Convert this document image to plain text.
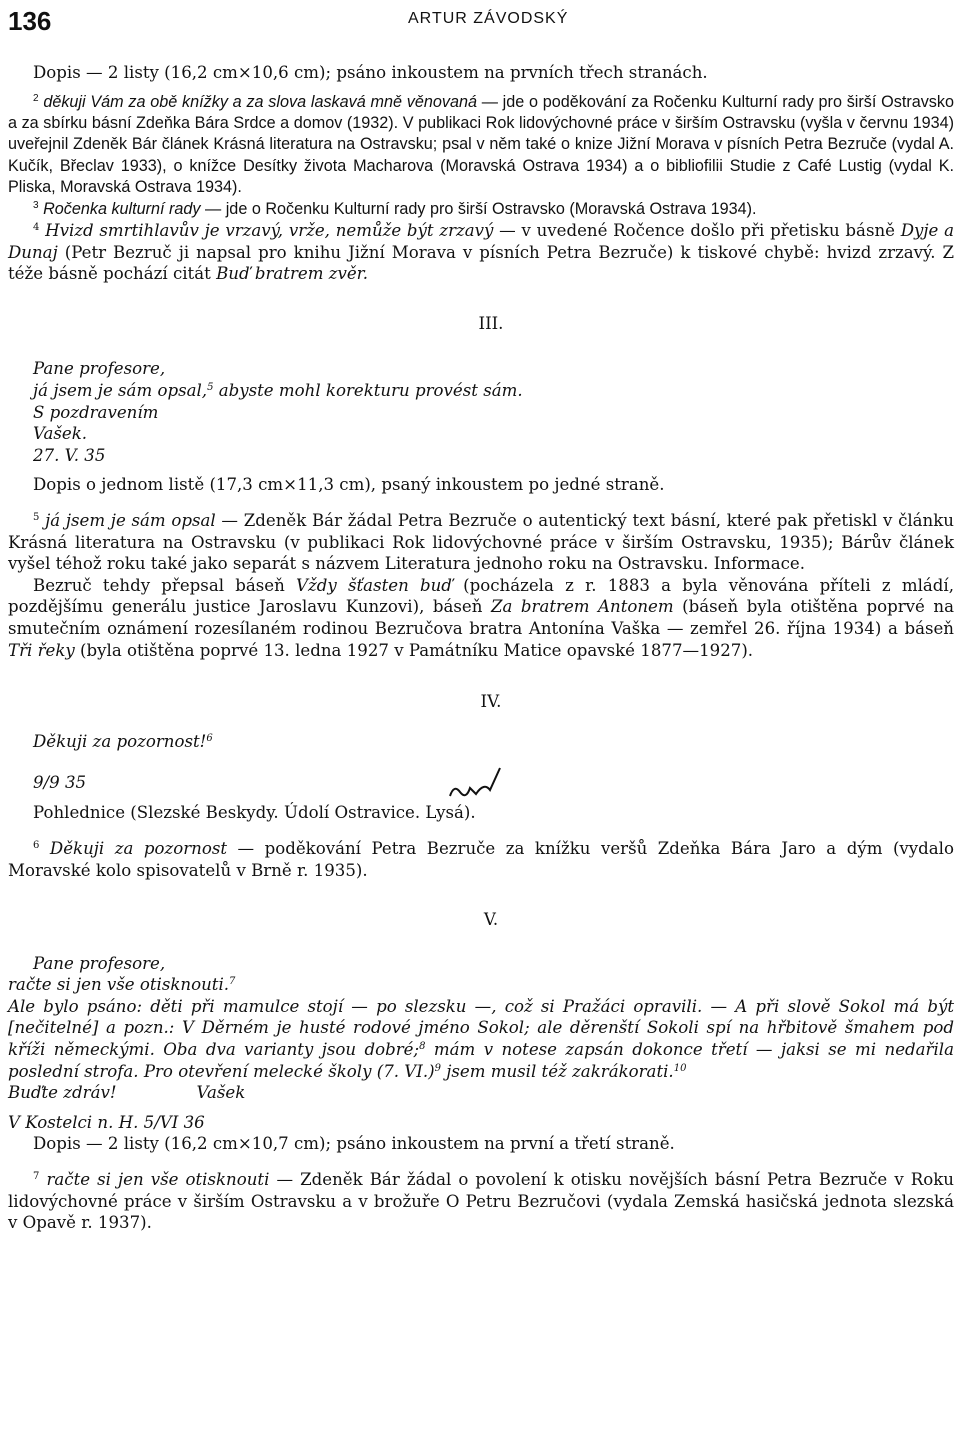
136	ARTUR ZÁVODSKÝ

Dopis — 2 listy (16,2 cm×10,6 cm); psáno inkoustem na prvních třech stranách.

$^2$ děkuji Vám za obě knížky a za slova laskavá mně věnovaná — jde o poděkování za Ročenku Kulturní rady pro širší Ostravsko a za sbírku básní Zdeňka Bára Srdce a domov (1932). V publikaci Rok lidovýchovné práce v širším Ostravsku (vyšla v červnu 1934) uveřejnil Zdeněk Bár článek Krásná literatura na Ostravsku; psal v něm také o knize Jižní Morava v písních Petra Bezruče (vydal A. Kučík, Břeclav 1933), o knížce Desítky života Macharova (Moravská Ostrava 1934) a o bibliofilii Studie z Café Lustig (vydal K. Pliska, Moravská Ostrava 1934).

$^3$ Ročenka kulturní rady — jde o Ročenku Kulturní rady pro širší Ostravsko (Moravská Ostrava 1934).

$^4$ Hvizd smrtihlavův je vrzavý, vrže, nemůže být zrzavý — v uvedené Ročence došlo při přetisku básně Dyje a Dunaj (Petr Bezruč ji napsal pro knihu Jižní Morava v písních Petra Bezruče) k tiskové chybě: hvizd zrzavý. Z téže básně pochází citát Buď bratrem zvěr.

III.

Pane profesore,
já jsem je sám opsal,$^5$ abyste mohl korekturu provést sám.
S pozdravením
Vašek.
27. V. 35

Dopis o jednom listě (17,3 cm×11,3 cm), psaný inkoustem po jedné straně.

$^5$ já jsem je sám opsal — Zdeněk Bár žádal Petra Bezruče o autentický text básní, které pak přetiskl v článku Krásná literatura na Ostravsku (v publikaci Rok lidovýchovné práce v širším Ostravsku, 1935); Bárův článek vyšel téhož roku také jako separát s názvem Literatura jednoho roku na Ostravsku. Informace.

Bezruč tehdy přepsal báseň Vždy šťasten buď (pocházela z r. 1883 a byla věnována příteli z mládí, pozdějšímu generálu justice Jaroslavu Kunzovi), báseň Za bratrem Antonem (báseň byla otištěna poprvé na smutečním oznámení rozesílaném rodinou Bezručova bratra Antonína Vaška — zemřel 26. října 1934) a báseň Tři řeky (byla otištěna poprvé 13. ledna 1927 v Památníku Matice opavské 1877—1927).

IV.

Děkuji za pozornost!$^6$
9/9 35

Pohlednice (Slezské Beskydy. Údolí Ostravice. Lysá).

$^6$ Děkuji za pozornost — poděkování Petra Bezruče za knížku veršů Zdeňka Bára Jaro a dým (vydalo Moravské kolo spisovatelů v Brně r. 1935).

V.

Pane profesore,
račte si jen vše otisknouti.$^7$
Ale bylo psáno: děti při mamulce stojí — po slezsku —, což si Pražáci opravili. — A při slově Sokol má být [nečitelné] a pozn.: V Děrném je husté rodové jméno Sokol; ale děrenští Sokoli spí na hřbitově šmahem pod kříži německými. Oba dva varianty jsou dobré;$^8$ mám v notese zapsán dokonce třetí — jaksi se mi nedařila poslední strofa. Pro otevření melecké školy (7. VI.)$^9$ jsem musil též zakrákorati.$^{10}$
Buďte zdráv!	Vašek
V Kostelci n. H. 5/VI 36

Dopis — 2 listy (16,2 cm×10,7 cm); psáno inkoustem na první a třetí straně.

$^7$ račte si jen vše otisknouti — Zdeněk Bár žádal o povolení k otisku novějších básní Petra Bezruče v Roku lidovýchovné práce v širším Ostravsku a v brožuře O Petru Bezručovi (vydala Zemská hasičská jednota slezská v Opavě r. 1937).
